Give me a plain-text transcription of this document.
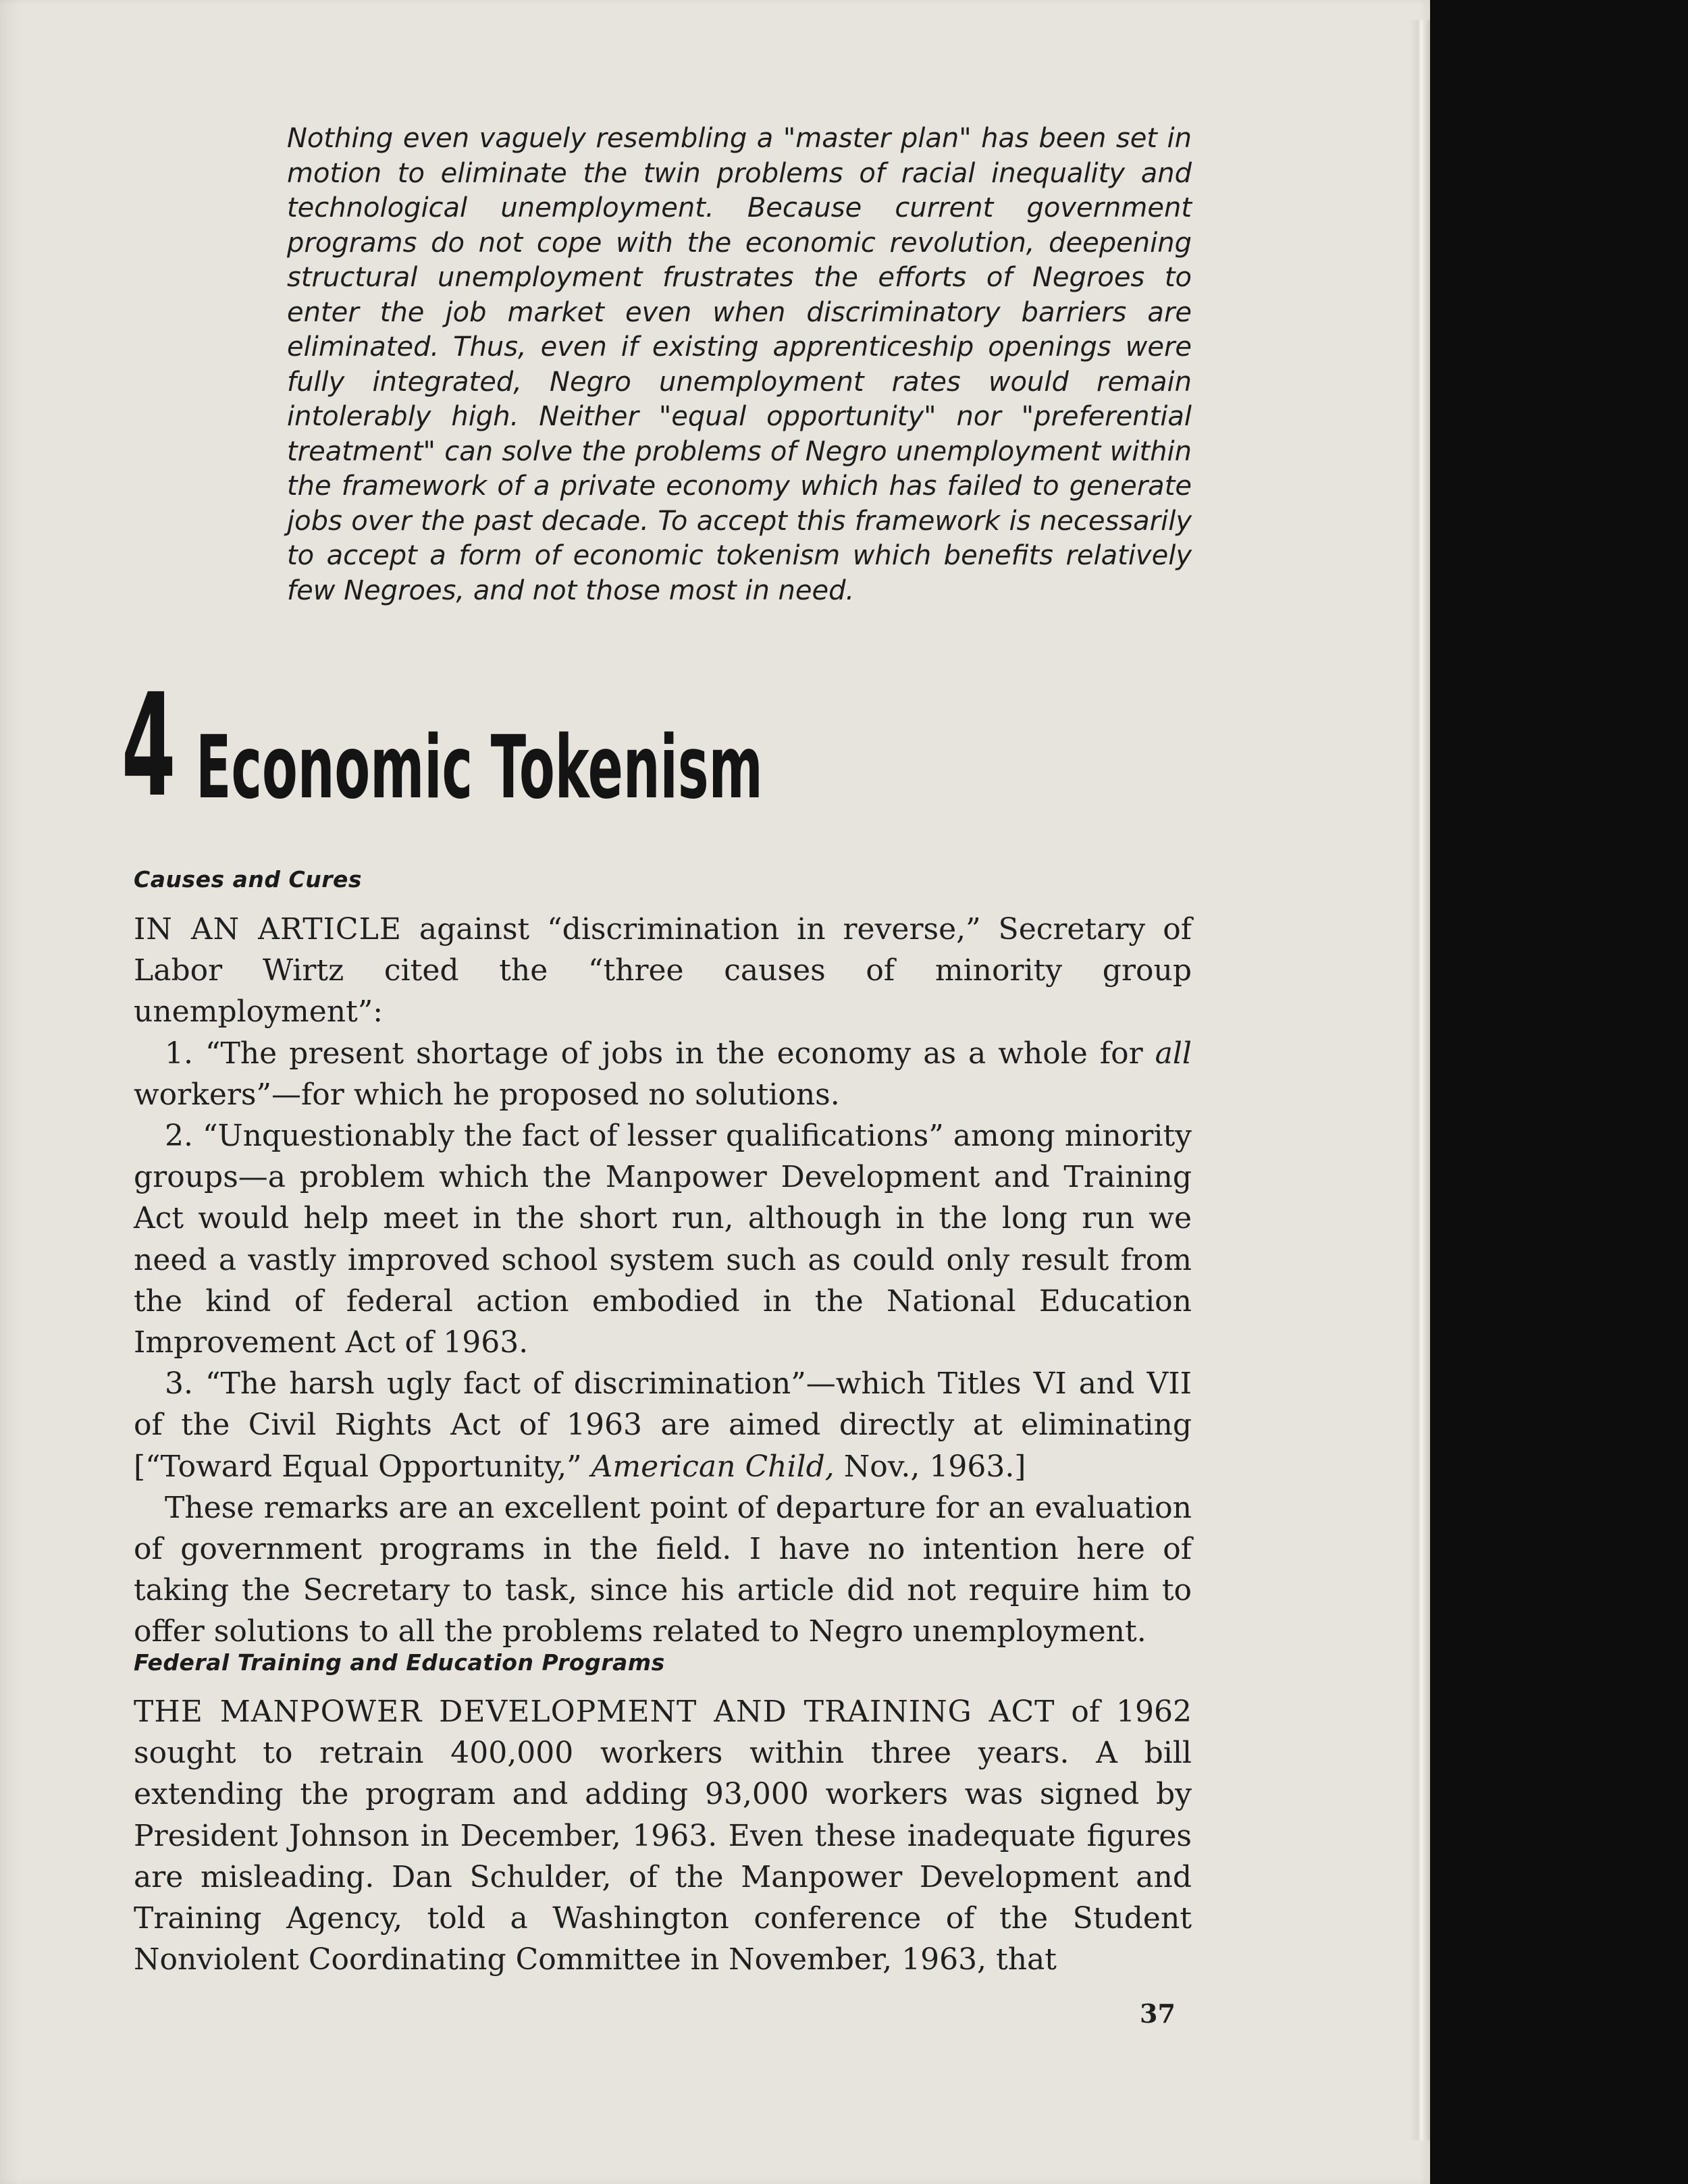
Nothing even vaguely resembling a "master plan" has been set in motion to eliminate the twin problems of racial inequality and technological unemployment. Because current government programs do not cope with the economic revolution, deepening structural unemployment frustrates the efforts of Negroes to enter the job market even when discriminatory barriers are eliminated. Thus, even if existing apprenticeship openings were fully integrated, Negro unemployment rates would remain intolerably high. Neither "equal opportunity" nor "preferential treatment" can solve the problems of Negro unemployment within the framework of a private economy which has failed to generate jobs over the past decade. To accept this framework is necessarily to accept a form of economic tokenism which benefits relatively few Negroes, and not those most in need.

4 Economic Tokenism
Causes and Cures

IN AN ARTICLE against “discrimination in reverse,” Secretary of Labor Wirtz cited the “three causes of minority group unemployment”:

1. “The present shortage of jobs in the economy as a whole for all workers”—for which he proposed no solutions.

2. “Unquestionably the fact of lesser qualifications” among minority groups—a problem which the Manpower Development and Training Act would help meet in the short run, although in the long run we need a vastly improved school system such as could only result from the kind of federal action embodied in the National Education Improvement Act of 1963.

3. “The harsh ugly fact of discrimination”—which Titles VI and VII of the Civil Rights Act of 1963 are aimed directly at eliminating [“Toward Equal Opportunity,” American Child, Nov., 1963.]

These remarks are an excellent point of departure for an evaluation of government programs in the field. I have no intention here of taking the Secretary to task, since his article did not require him to offer solutions to all the problems related to Negro unemployment.

Federal Training and Education Programs

THE MANPOWER DEVELOPMENT AND TRAINING ACT of 1962 sought to retrain 400,000 workers within three years. A bill extending the program and adding 93,000 workers was signed by President Johnson in December, 1963. Even these inadequate figures are misleading. Dan Schulder, of the Manpower Development and Training Agency, told a Washington conference of the Student Nonviolent Coordinating Committee in November, 1963, that

37
